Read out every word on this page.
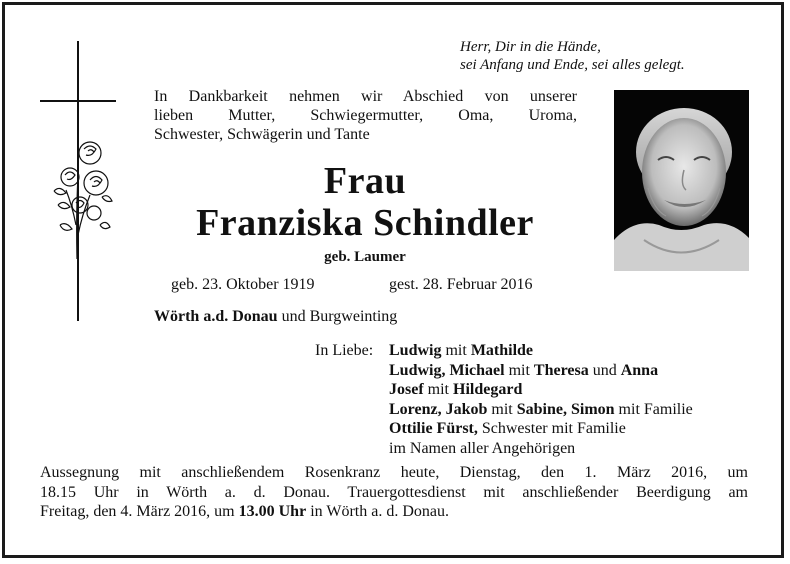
Herr, Dir in die Hände,
sei Anfang und Ende, sei alles gelegt.
In Dankbarkeit nehmen wir Abschied von unserer
lieben Mutter, Schwiegermutter, Oma, Uroma,
Schwester, Schwägerin und Tante
Frau
Franziska Schindler
geb. Laumer
geb. 23. Oktober 1919	gest. 28. Februar 2016
Wörth a.d. Donau und Burgweinting
In Liebe: Ludwig mit Mathilde
Ludwig, Michael mit Theresa und Anna
Josef mit Hildegard
Lorenz, Jakob mit Sabine, Simon mit Familie
Ottilie Fürst, Schwester mit Familie
im Namen aller Angehörigen
Aussegnung mit anschließendem Rosenkranz heute, Dienstag, den 1. März 2016, um
18.15 Uhr in Wörth a. d. Donau. Trauergottesdienst mit anschließender Beerdigung am
Freitag, den 4. März 2016, um 13.00 Uhr in Wörth a. d. Donau.
